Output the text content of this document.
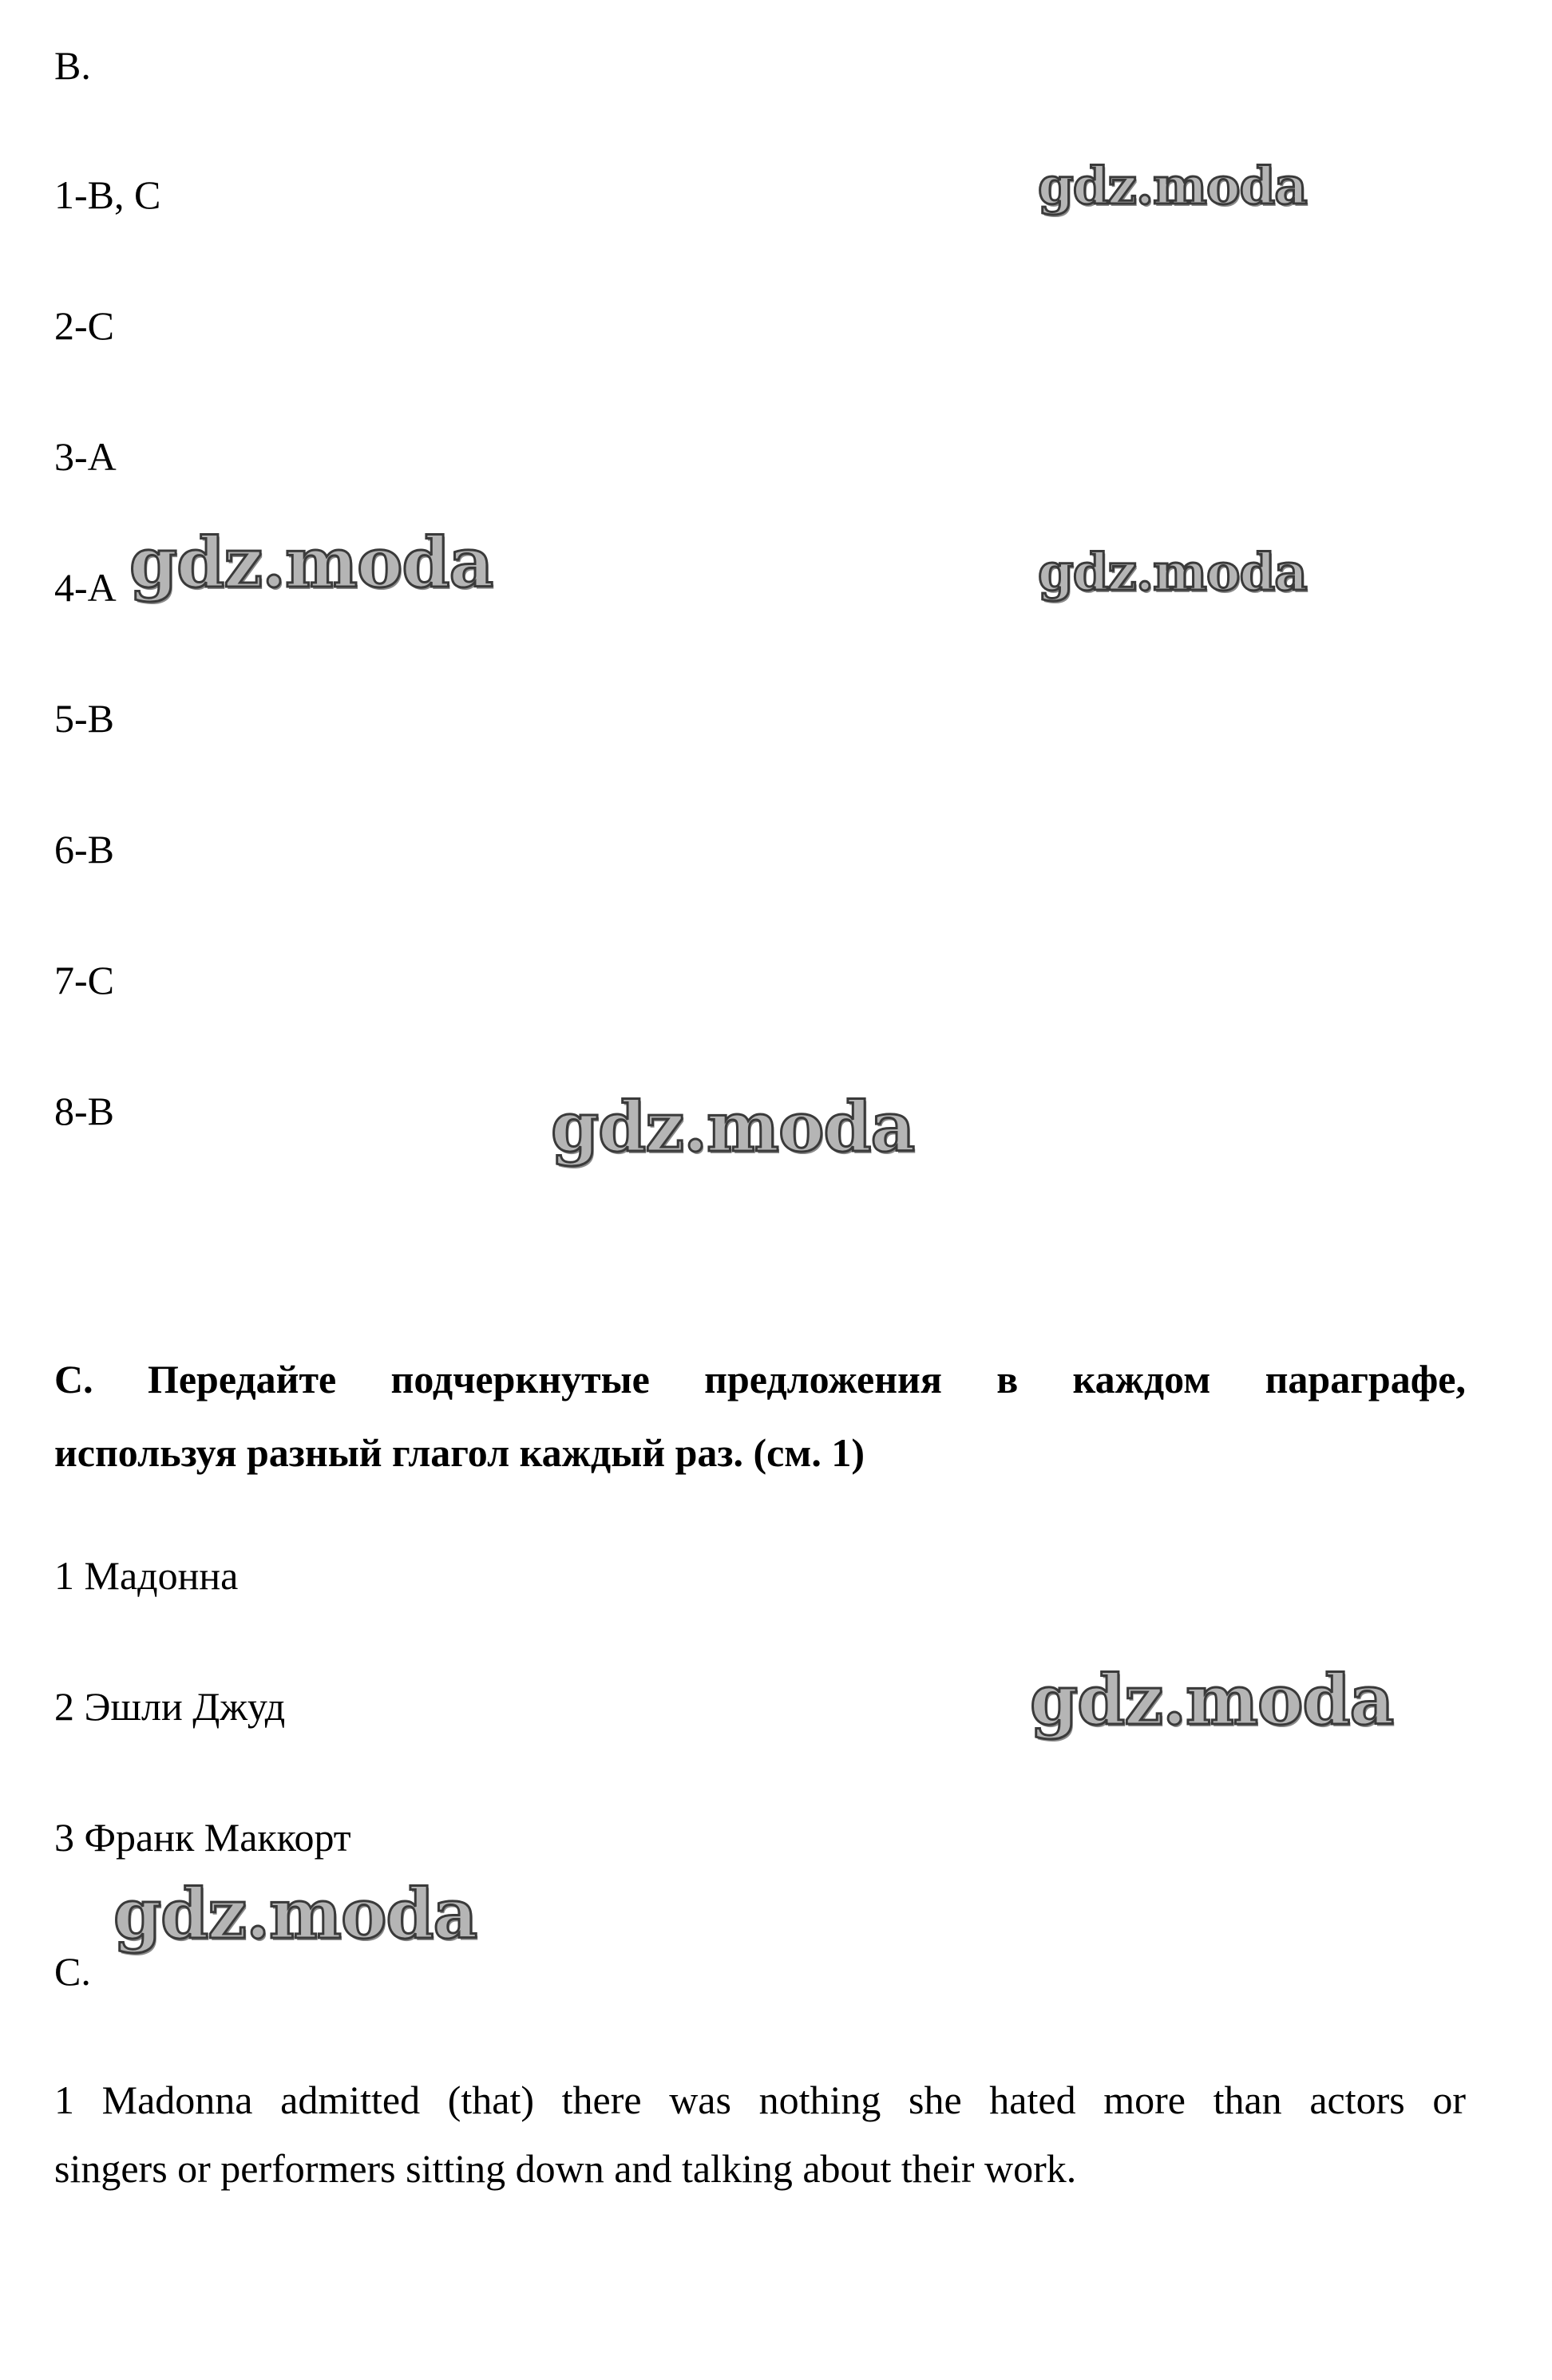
B.
1-B, C
2-C
3-A
4-A
5-B
6-B
7-C
8-B
C. Передайте подчеркнутые предложения в каждом параграфе,
используя разный глагол каждый раз. (см. 1)
1 Мадонна
2 Эшли Джуд
3 Франк Маккорт
C.
1 Madonna admitted (that) there was nothing she hated more than actors or
singers or performers sitting down and talking about their work.
gdz.moda
gdz.moda	gdz.moda
gdz.moda
gdz.moda
gdz.moda
